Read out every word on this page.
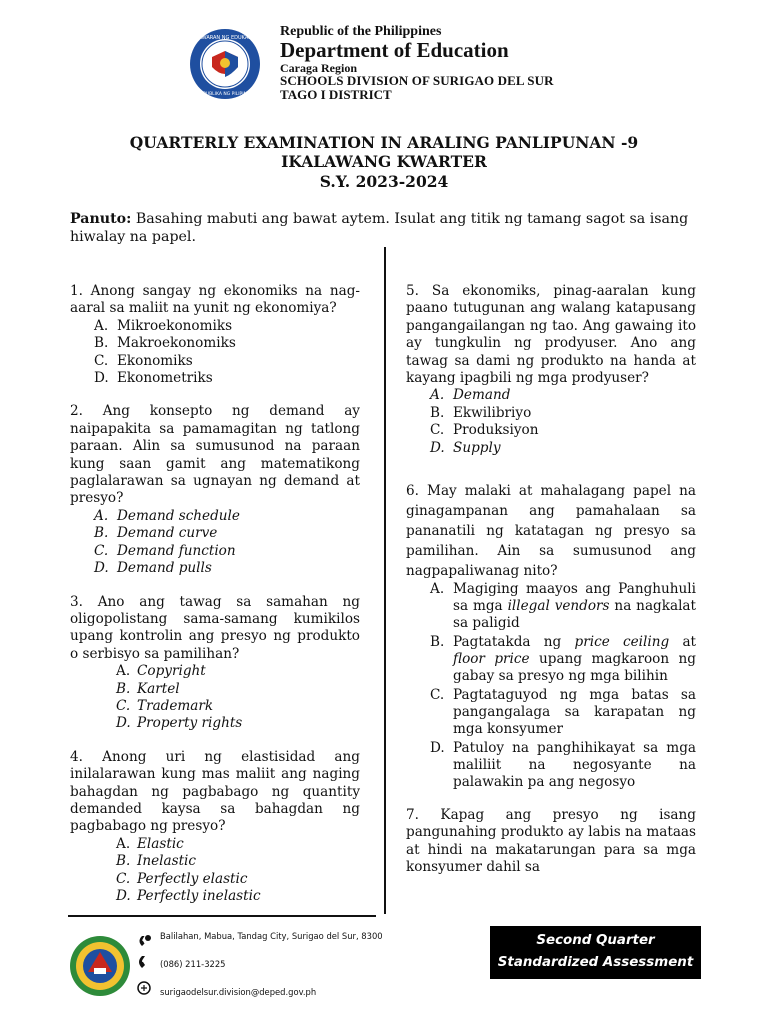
KAGAWARAN NG EDUKASYON
REPUBLIKA NG PILIPINAS
Republic of the Philippines
Department of Education
Caraga Region
SCHOOLS DIVISION OF SURIGAO DEL SUR
TAGO I DISTRICT
QUARTERLY EXAMINATION IN ARALING PANLIPUNAN -9
IKALAWANG KWARTER
S.Y. 2023-2024
Panuto: Basahing mabuti ang bawat aytem. Isulat ang titik ng tamang sagot sa isang hiwalay na papel.
1. Anong sangay ng ekonomiks na nag-aaral sa maliit na yunit ng ekonomiya?
A. Mikroekonomiks
B. Makroekonomiks
C. Ekonomiks
D. Ekonometriks
2. Ang konsepto ng demand ay naipapakita sa pamamagitan ng tatlong paraan. Alin sa sumusunod na paraan kung saan gamit ang matematikong paglalarawan sa ugnayan ng demand at presyo?
A. Demand schedule
B. Demand curve
C. Demand function
D. Demand pulls
3. Ano ang tawag sa samahan ng oligopolistang sama-samang kumikilos upang kontrolin ang presyo ng produkto o serbisyo sa pamilihan?
A. Copyright
B. Kartel
C. Trademark
D. Property rights
4. Anong uri ng elastisidad ang inilalarawan kung mas maliit ang naging bahagdan ng pagbabago ng quantity demanded kaysa sa bahagdan ng pagbabago ng presyo?
A. Elastic
B. Inelastic
C. Perfectly elastic
D. Perfectly inelastic
5. Sa ekonomiks, pinag-aaralan kung paano tutugunan ang walang katapusang pangangailangan ng tao. Ang gawaing ito ay tungkulin ng prodyuser. Ano ang tawag sa dami ng produkto na handa at kayang ipagbili ng mga prodyuser?
A. Demand
B. Ekwilibriyo
C. Produksiyon
D. Supply
6. May malaki at mahalagang papel na ginagampanan ang pamahalaan sa pananatili ng katatagan ng presyo sa pamilihan. Ain sa sumusunod ang nagpapaliwanag nito?
A. Magiging maayos ang Panghuhuli sa mga illegal vendors na nagkalat sa paligid
B. Pagtatakda ng price ceiling at floor price upang magkaroon ng gabay sa presyo ng mga bilihin
C. Pagtataguyod ng mga batas sa pangangalaga sa karapatan ng mga konsyumer
D. Patuloy na panghihikayat sa mga maliliit na negosyante na palawakin pa ang negosyo
7. Kapag ang presyo ng isang pangunahing produkto ay labis na mataas at hindi na makatarungan para sa mga konsyumer dahil sa
Balilahan, Mabua, Tandag City, Surigao del Sur, 8300
(086) 211-3225
surigaodelsur.division@deped.gov.ph
Second Quarter
Standardized Assessment
